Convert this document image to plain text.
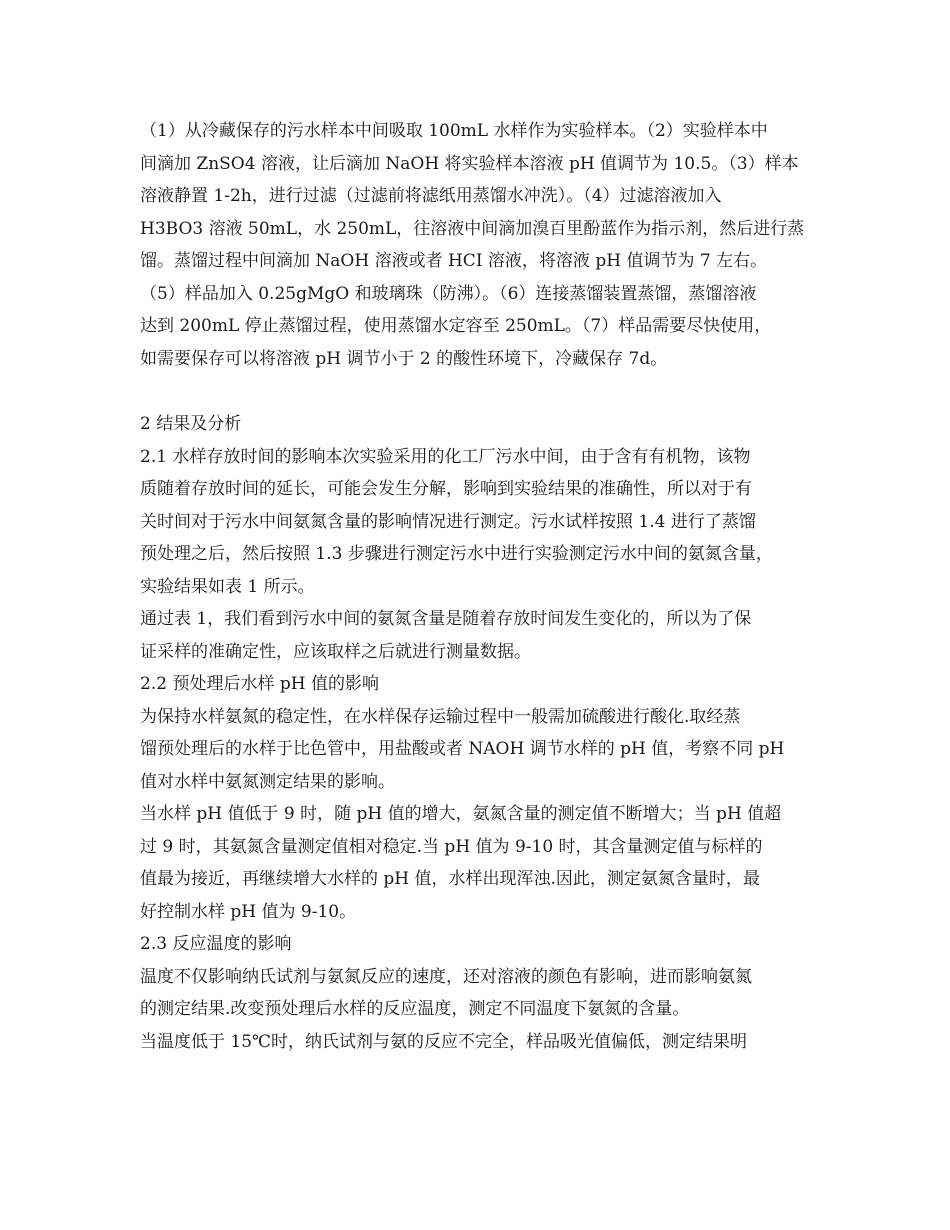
（1）从冷藏保存的污水样本中间吸取 100mL 水样作为实验样本。（2）实验样本中
间滴加 ZnSO4 溶液，让后滴加 NaOH 将实验样本溶液 pH 值调节为 10.5。（3）样本
溶液静置 1-2h，进行过滤（过滤前将滤纸用蒸馏水冲洗）。（4）过滤溶液加入
H3BO3 溶液 50mL，水 250mL，往溶液中间滴加溴百里酚蓝作为指示剂，然后进行蒸
馏。蒸馏过程中间滴加 NaOH 溶液或者 HCI 溶液，将溶液 pH 值调节为 7 左右。
（5）样品加入 0.25gMgO 和玻璃珠（防沸）。（6）连接蒸馏装置蒸馏，蒸馏溶液
达到 200mL 停止蒸馏过程，使用蒸馏水定容至 250mL。（7）样品需要尽快使用，
如需要保存可以将溶液 pH 调节小于 2 的酸性环境下，冷藏保存 7d。
2 结果及分析
2.1 水样存放时间的影响本次实验采用的化工厂污水中间，由于含有有机物，该物
质随着存放时间的延长，可能会发生分解，影响到实验结果的准确性，所以对于有
关时间对于污水中间氨氮含量的影响情况进行测定。污水试样按照 1.4 进行了蒸馏
预处理之后，然后按照 1.3 步骤进行测定污水中进行实验测定污水中间的氨氮含量，
实验结果如表 1 所示。
通过表 1，我们看到污水中间的氨氮含量是随着存放时间发生变化的，所以为了保
证采样的准确定性，应该取样之后就进行测量数据。
2.2 预处理后水样 pH 值的影响
为保持水样氨氮的稳定性，在水样保存运输过程中一般需加硫酸进行酸化.取经蒸
馏预处理后的水样于比色管中，用盐酸或者 NAOH 调节水样的 pH 值，考察不同 pH
值对水样中氨氮测定结果的影响。
当水样 pH 值低于 9 时，随 pH 值的增大，氨氮含量的测定值不断增大；当 pH 值超
过 9 时，其氨氮含量测定值相对稳定.当 pH 值为 9-10 时，其含量测定值与标样的
值最为接近，再继续增大水样的 pH 值，水样出现浑浊.因此，测定氨氮含量时，最
好控制水样 pH 值为 9-10。
2.3 反应温度的影响
温度不仅影响纳氏试剂与氨氮反应的速度，还对溶液的颜色有影响，进而影响氨氮
的测定结果.改变预处理后水样的反应温度，测定不同温度下氨氮的含量。
当温度低于 15℃时，纳氏试剂与氨的反应不完全，样品吸光值偏低，测定结果明
